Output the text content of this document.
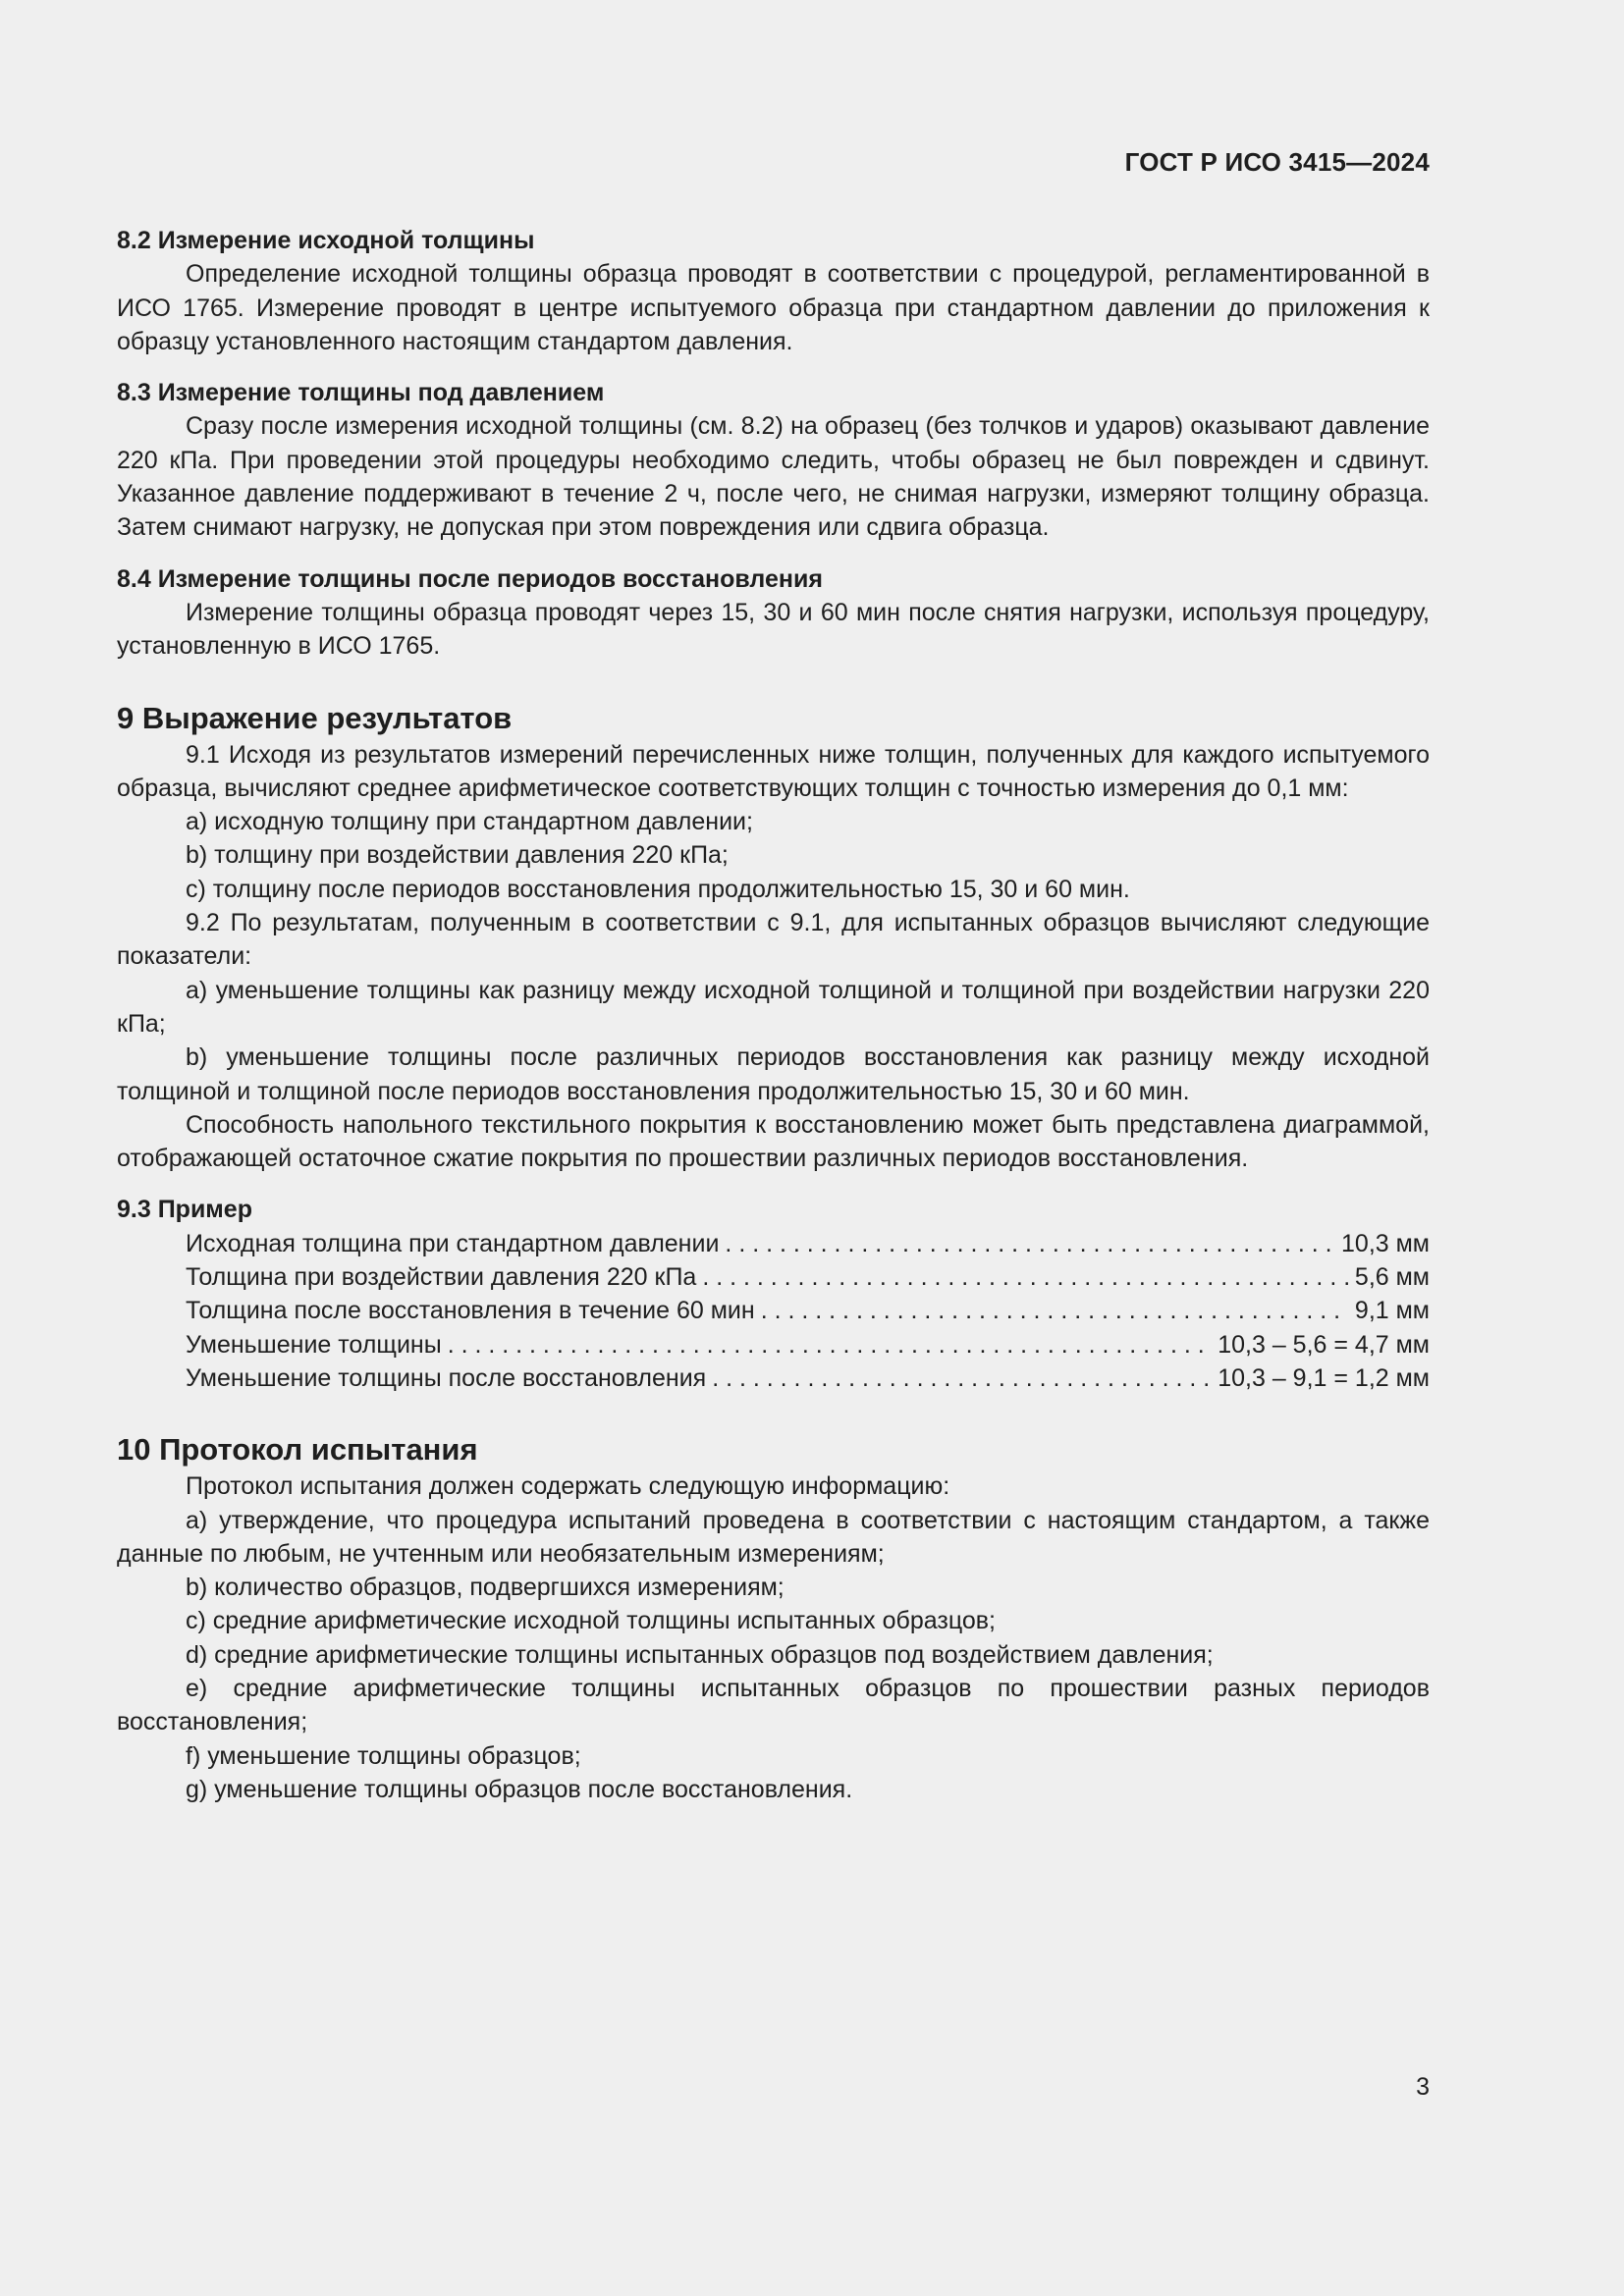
ГОСТ Р ИСО 3415—2024

8.2 Измерение исходной толщины

Определение исходной толщины образца проводят в соответствии с процедурой, регламентированной в ИСО 1765. Измерение проводят в центре испытуемого образца при стандартном давлении до приложения к образцу установленного настоящим стандартом давления.

8.3 Измерение толщины под давлением

Сразу после измерения исходной толщины (см. 8.2) на образец (без толчков и ударов) оказывают давление 220 кПа. При проведении этой процедуры необходимо следить, чтобы образец не был поврежден и сдвинут. Указанное давление поддерживают в течение 2 ч, после чего, не снимая нагрузки, измеряют толщину образца. Затем снимают нагрузку, не допуская при этом повреждения или сдвига образца.

8.4 Измерение толщины после периодов восстановления

Измерение толщины образца проводят через 15, 30 и 60 мин после снятия нагрузки, используя процедуру, установленную в ИСО 1765.

9 Выражение результатов

9.1 Исходя из результатов измерений перечисленных ниже толщин, полученных для каждого испытуемого образца, вычисляют среднее арифметическое соответствующих толщин с точностью измерения до 0,1 мм:

a) исходную толщину при стандартном давлении;

b) толщину при воздействии давления 220 кПа;

c) толщину после периодов восстановления продолжительностью 15, 30 и 60 мин.

9.2 По результатам, полученным в соответствии с 9.1, для испытанных образцов вычисляют следующие показатели:

a) уменьшение толщины как разницу между исходной толщиной и толщиной при воздействии нагрузки 220 кПа;

b) уменьшение толщины после различных периодов восстановления как разницу между исходной толщиной и толщиной после периодов восстановления продолжительностью 15, 30 и 60 мин.

Способность напольного текстильного покрытия к восстановлению может быть представлена диаграммой, отображающей остаточное сжатие покрытия по прошествии различных периодов восстановления.

9.3 Пример

Исходная толщина при стандартном давлении . . .	10,3 мм
Толщина при воздействии давления 220 кПа . . .	5,6 мм
Толщина после восстановления в течение 60 мин . . .	9,1 мм
Уменьшение толщины . . .	10,3 – 5,6 = 4,7 мм
Уменьшение толщины после восстановления . . .	10,3 – 9,1 = 1,2 мм

10 Протокол испытания

Протокол испытания должен содержать следующую информацию:

a) утверждение, что процедура испытаний проведена в соответствии с настоящим стандартом, а также данные по любым, не учтенным или необязательным измерениям;

b) количество образцов, подвергшихся измерениям;

c) средние арифметические исходной толщины испытанных образцов;

d) средние арифметические толщины испытанных образцов под воздействием давления;

e) средние арифметические толщины испытанных образцов по прошествии разных периодов восстановления;

f) уменьшение толщины образцов;

g) уменьшение толщины образцов после восстановления.

3
